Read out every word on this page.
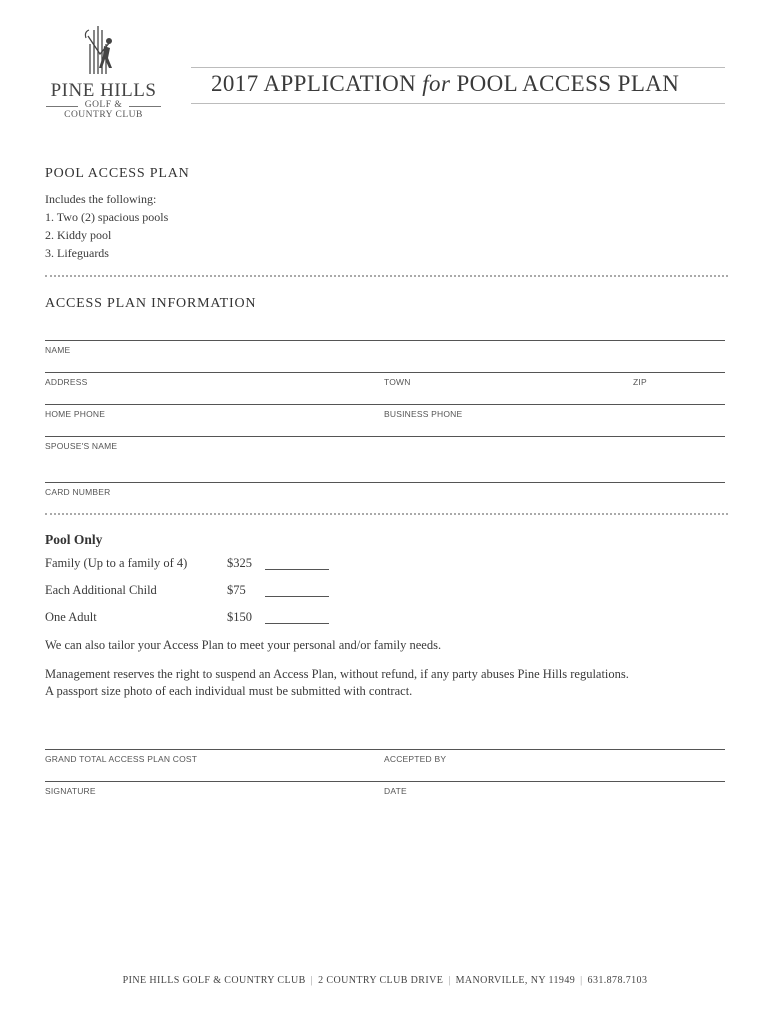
PINE HILLS
GOLF &
COUNTRY CLUB
2017 APPLICATION for POOL ACCESS PLAN
POOL ACCESS PLAN
Includes the following:
1. Two (2) spacious pools
2. Kiddy pool
3. Lifeguards
ACCESS PLAN INFORMATION
NAME
ADDRESS	TOWN	ZIP
HOME PHONE	BUSINESS PHONE
SPOUSE'S NAME
CARD NUMBER
Pool Only
Family (Up to a family of 4)	$325
Each Additional Child	$75
One Adult	$150
We can also tailor your Access Plan to meet your personal and/or family needs.
Management reserves the right to suspend an Access Plan, without refund, if any party abuses Pine Hills regulations.
A passport size photo of each individual must be submitted with contract.
GRAND TOTAL ACCESS PLAN COST	ACCEPTED BY
SIGNATURE	DATE
PINE HILLS GOLF & COUNTRY CLUB | 2 COUNTRY CLUB DRIVE | MANORVILLE, NY 11949 | 631.878.7103
